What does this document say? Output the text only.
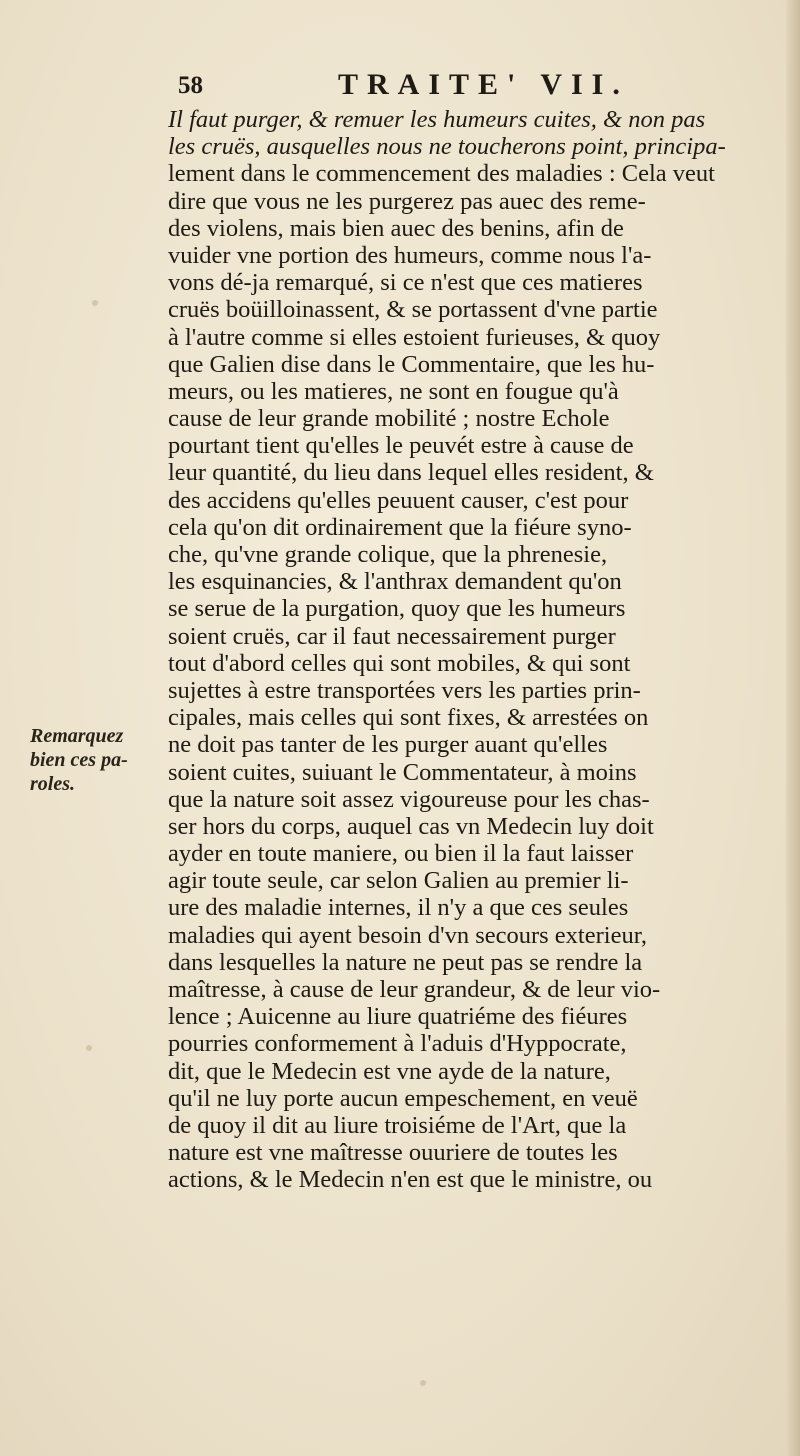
58	TRAITE' VII.
Il faut purger, & remuer les humeurs cuites, & non pas
les cruës, ausquelles nous ne toucherons point, principa-
lement dans le commencement des maladies : Cela veut
dire que vous ne les purgerez pas auec des reme-
des violens, mais bien auec des benins, afin de
vuider vne portion des humeurs, comme nous l'a-
vons dé-ja remarqué, si ce n'est que ces matieres
cruës boüilloinassent, & se portassent d'vne partie
à l'autre comme si elles estoient furieuses, & quoy
que Galien dise dans le Commentaire, que les hu-
meurs, ou les matieres, ne sont en fougue qu'à
cause de leur grande mobilité ; nostre Echole
pourtant tient qu'elles le peuvét estre à cause de
leur quantité, du lieu dans lequel elles resident, &
des accidens qu'elles peuuent causer, c'est pour
cela qu'on dit ordinairement que la fiéure syno-
che, qu'vne grande colique, que la phrenesie,
les esquinancies, & l'anthrax demandent qu'on
se serue de la purgation, quoy que les humeurs
soient cruës, car il faut necessairement purger
tout d'abord celles qui sont mobiles, & qui sont
sujettes à estre transportées vers les parties prin-
cipales, mais celles qui sont fixes, & arrestées on
ne doit pas tanter de les purger auant qu'elles
soient cuites, suiuant le Commentateur, à moins
que la nature soit assez vigoureuse pour les chas-
ser hors du corps, auquel cas vn Medecin luy doit
ayder en toute maniere, ou bien il la faut laisser
agir toute seule, car selon Galien au premier li-
ure des maladie internes, il n'y a que ces seules
maladies qui ayent besoin d'vn secours exterieur,
dans lesquelles la nature ne peut pas se rendre la
maîtresse, à cause de leur grandeur, & de leur vio-
lence ; Auicenne au liure quatriéme des fiéures
pourries conformement à l'aduis d'Hyppocrate,
dit, que le Medecin est vne ayde de la nature,
qu'il ne luy porte aucun empeschement, en veuë
de quoy il dit au liure troisiéme de l'Art, que la
nature est vne maîtresse ouuriere de toutes les
actions, & le Medecin n'en est que le ministre, ou
Remarquez
bien ces pa-
roles.
